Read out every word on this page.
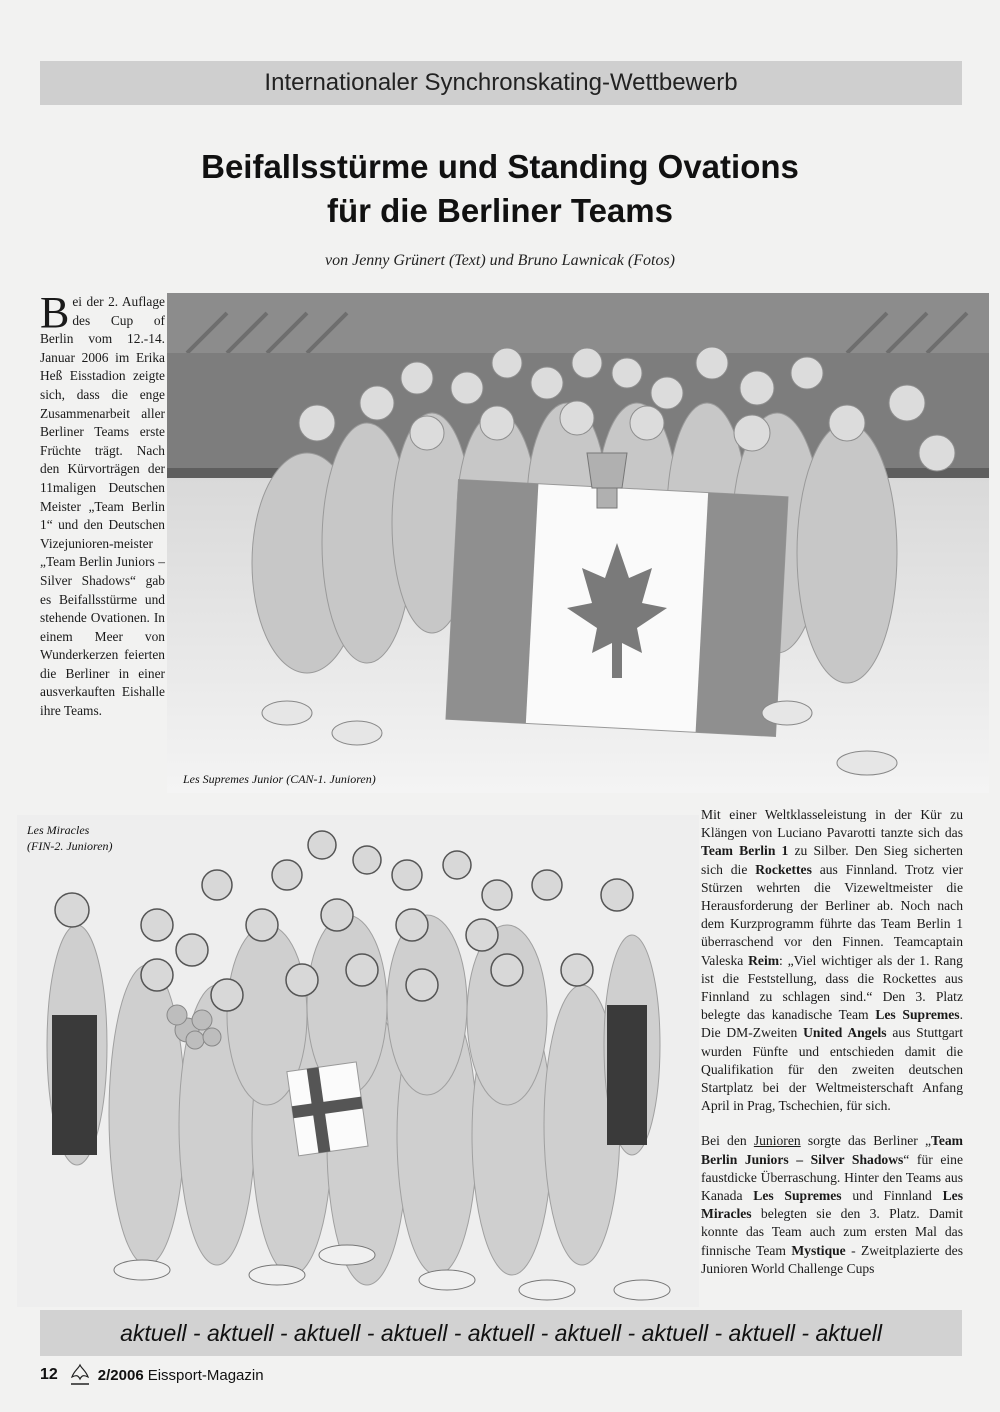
Internationaler Synchronskating-Wettbewerb
Beifallsstürme und Standing Ovations
für die Berliner Teams
von Jenny Grünert (Text) und Bruno Lawnicak (Fotos)
Bei der 2. Auflage des Cup of Berlin vom 12.-14. Januar 2006 im Erika Heß Eisstadion zeigte sich, dass die enge Zusammenarbeit aller Berliner Teams erste Früchte trägt. Nach den Kürvorträgen der 11maligen Deutschen Meister „Team Berlin 1“ und den Deutschen Vizejunioren-meister „Team Berlin Juniors – Silver Shadows“ gab es Beifallsstürme und stehende Ovationen. In einem Meer von Wunderkerzen feierten die Berliner in einer ausverkauften Eishalle ihre Teams.
Les Supremes Junior (CAN-1. Junioren)
Les Miracles
(FIN-2. Junioren)

Mit einer Weltklasseleistung in der Kür zu Klängen von Luciano Pavarotti tanzte sich das Team Berlin 1 zu Silber. Den Sieg sicherten sich die Rockettes aus Finnland. Trotz vier Stürzen wehrten die Vizeweltmeister die Herausforderung der Berliner ab. Noch nach dem Kurzprogramm führte das Team Berlin 1 überraschend vor den Finnen. Teamcaptain Valeska Reim: „Viel wichtiger als der 1. Rang ist die Feststellung, dass die Rockettes aus Finnland zu schlagen sind.“ Den 3. Platz belegte das kanadische Team Les Supremes. Die DM-Zweiten United Angels aus Stuttgart wurden Fünfte und entschieden damit die Qualifikation für den zweiten deutschen Startplatz bei der Weltmeisterschaft Anfang April in Prag, Tschechien, für sich.

Bei den Junioren sorgte das Berliner „Team Berlin Juniors – Silver Shadows“ für eine faustdicke Überraschung. Hinter den Teams aus Kanada Les Supremes und Finnland Les Miracles belegten sie den 3. Platz. Damit konnte das Team auch zum ersten Mal das finnische Team Mystique - Zweitplazierte des Junioren World Challenge Cups

aktuell - aktuell - aktuell - aktuell - aktuell - aktuell - aktuell - aktuell - aktuell
12	2/2006 Eissport-Magazin
